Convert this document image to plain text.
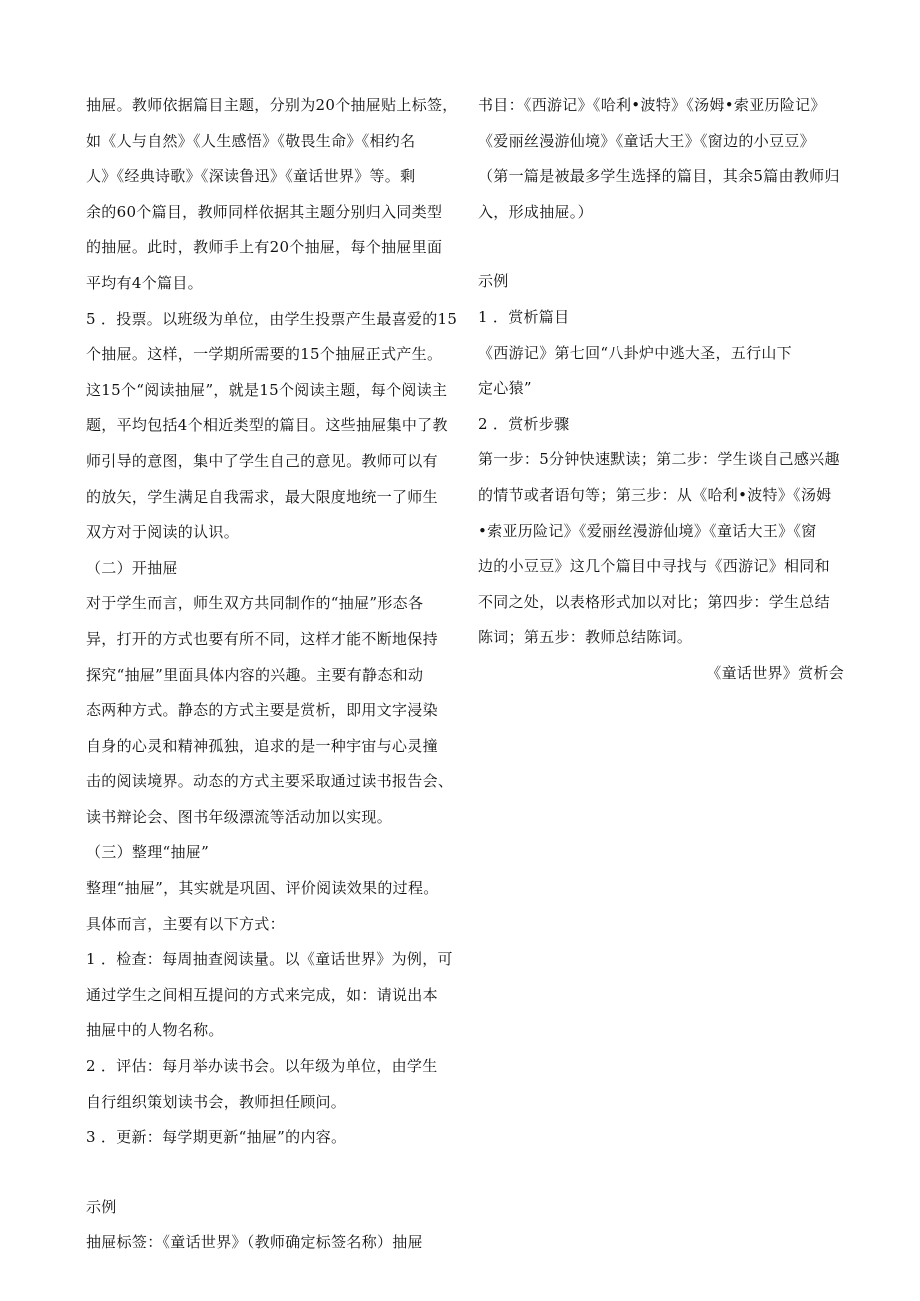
抽屉。教师依据篇目主题，分别为20个抽屉贴上标签，
如《人与自然》《人生感悟》《敬畏生命》《相约名
人》《经典诗歌》《深读鲁迅》《童话世界》等。剩
余的60个篇目，教师同样依据其主题分别归入同类型
的抽屉。此时，教师手上有20个抽屉，每个抽屉里面
平均有4个篇目。
5 ．投票。以班级为单位，由学生投票产生最喜爱的15
个抽屉。这样，一学期所需要的15个抽屉正式产生。
这15个“阅读抽屉”，就是15个阅读主题，每个阅读主
题，平均包括4个相近类型的篇目。这些抽屉集中了教
师引导的意图，集中了学生自己的意见。教师可以有
的放矢，学生满足自我需求，最大限度地统一了师生
双方对于阅读的认识。
（二）开抽屉
对于学生而言，师生双方共同制作的“抽屉”形态各
异，打开的方式也要有所不同，这样才能不断地保持
探究“抽屉”里面具体内容的兴趣。主要有静态和动
态两种方式。静态的方式主要是赏析，即用文字浸染
自身的心灵和精神孤独，追求的是一种宇宙与心灵撞
击的阅读境界。动态的方式主要采取通过读书报告会、
读书辩论会、图书年级漂流等活动加以实现。
（三）整理“抽屉”
整理“抽屉”，其实就是巩固、评价阅读效果的过程。
具体而言，主要有以下方式：
1 ．检查：每周抽查阅读量。以《童话世界》为例，可
通过学生之间相互提问的方式来完成，如：请说出本
抽屉中的人物名称。
2 ．评估：每月举办读书会。以年级为单位，由学生
自行组织策划读书会，教师担任顾问。
3 ．更新：每学期更新“抽屉”的内容。
示例
抽屉标签：《童话世界》（教师确定标签名称）抽屉
书目：《西游记》《哈利•波特》《汤姆•索亚历险记》
《爱丽丝漫游仙境》《童话大王》《窗边的小豆豆》
（第一篇是被最多学生选择的篇目，其余5篇由教师归
入，形成抽屉。）
示例
1 ．赏析篇目
《西游记》第七回“八卦炉中逃大圣，五行山下
定心猿”
2 ．赏析步骤
第一步：5分钟快速默读；第二步：学生谈自己感兴趣
的情节或者语句等；第三步：从《哈利•波特》《汤姆
•索亚历险记》《爱丽丝漫游仙境》《童话大王》《窗
边的小豆豆》这几个篇目中寻找与《西游记》相同和
不同之处，以表格形式加以对比；第四步：学生总结
陈词；第五步：教师总结陈词。
《童话世界》赏析会
